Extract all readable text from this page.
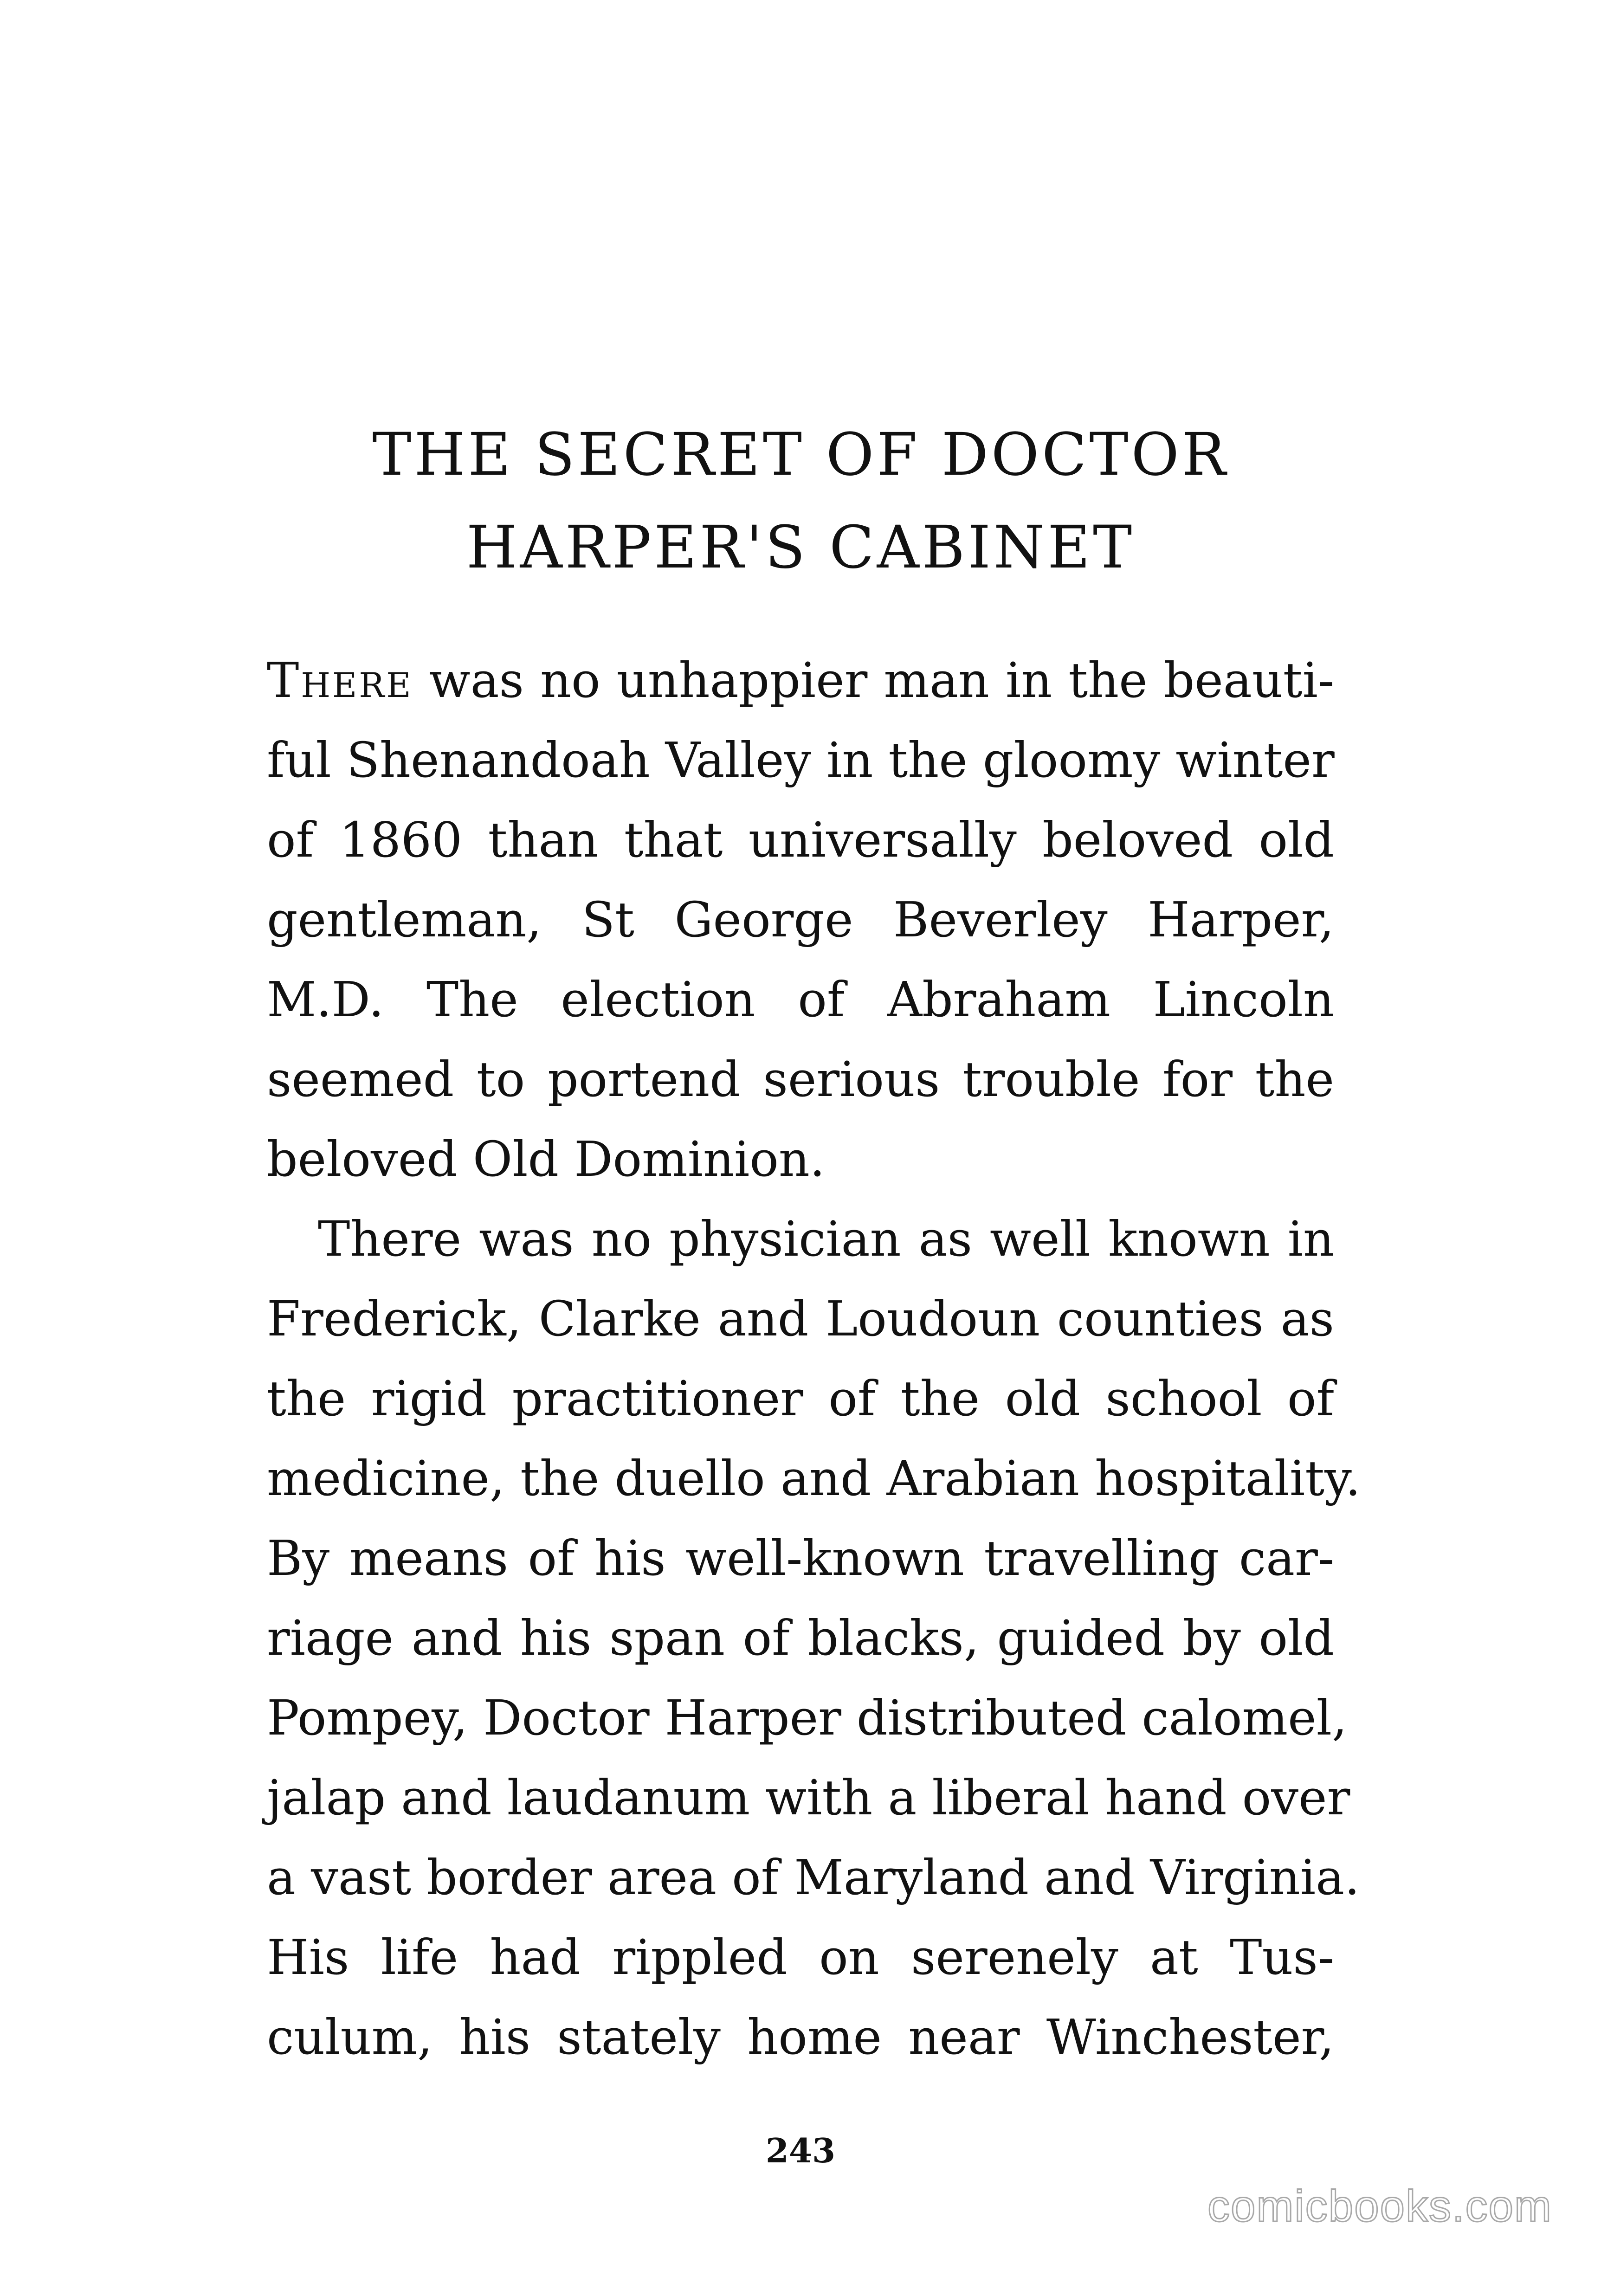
THE SECRET OF DOCTOR
HARPER'S CABINET

There was no unhappier man in the beauti-
ful Shenandoah Valley in the gloomy winter
of 1860 than that universally beloved old
gentleman, St George Beverley Harper,
M.D. The election of Abraham Lincoln
seemed to portend serious trouble for the
beloved Old Dominion.

There was no physician as well known in
Frederick, Clarke and Loudoun counties as
the rigid practitioner of the old school of
medicine, the duello and Arabian hospitality.
By means of his well-known travelling car-
riage and his span of blacks, guided by old
Pompey, Doctor Harper distributed calomel,
jalap and laudanum with a liberal hand over
a vast border area of Maryland and Virginia.
His life had rippled on serenely at Tus-
culum, his stately home near Winchester,

243
comicbooks.com
